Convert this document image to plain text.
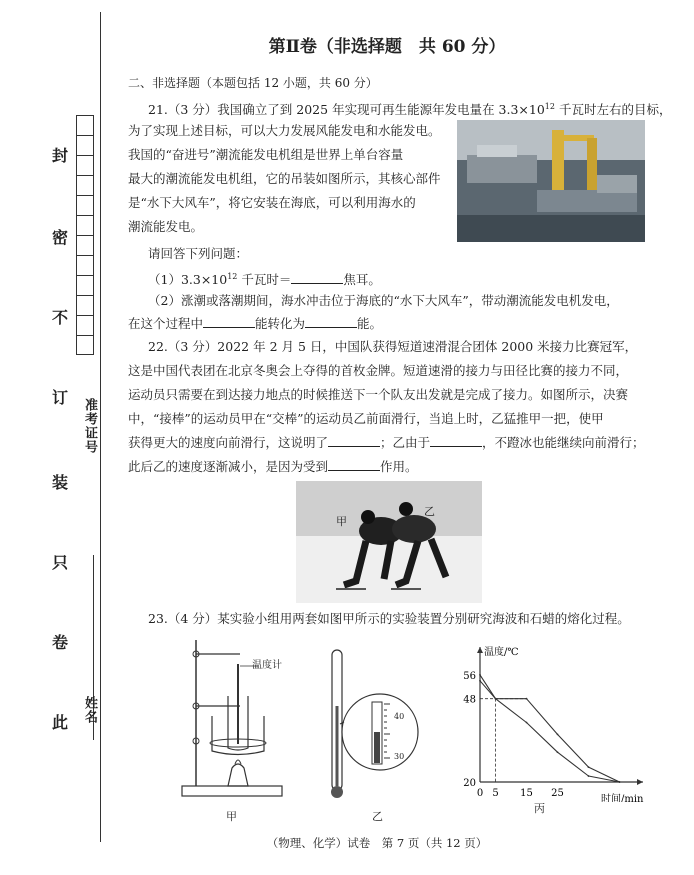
封
密
不
订
装
只
卷
此
准考证号
姓名
第Ⅱ卷（非选择题　共 60 分）
二、非选择题（本题包括 12 小题，共 60 分）
21.（3 分）我国确立了到 2025 年实现可再生能源年发电量在 $3.3\times 10^{12}$ 千瓦时左右的目标，
为了实现上述目标，可以大力发展风能发电和水能发电。
我国的“奋进号”潮流能发电机组是世界上单台容量
最大的潮流能发电机组，它的吊装如图所示，其核心部件
是“水下大风车”，将它安装在海底，可以利用海水的
潮流能发电。
请回答下列问题：
$(1)3.3\times 10^{12}$ 千瓦时＝	焦耳。
（2）涨潮或落潮期间，海水冲击位于海底的“水下大风车”，带动潮流能发电机发电，
在这个过程中	能转化为	能。
22.（3 分）2022 年 2 月 5 日，中国队获得短道速滑混合团体 2000 米接力比赛冠军，
这是中国代表团在北京冬奥会上夺得的首枚金牌。短道速滑的接力与田径比赛的接力不同，
运动员只需要在到达接力地点的时候推送下一个队友出发就是完成了接力。如图所示，决赛
中，“接棒”的运动员甲在“交棒”的运动员乙前面滑行，当追上时，乙猛推甲一把，使甲
获得更大的速度向前滑行，这说明了	；乙由于	，不蹬冰也能继续向前滑行；
此后乙的速度逐渐减小，是因为受到	作用。
甲
乙
23.（4 分）某实验小组用两套如图甲所示的实验装置分别研究海波和石蜡的熔化过程。
温度计
甲
40
30
乙
温度/℃
时间/min
56
48
20
0 5 15 25
丙
（物理、化学）试卷　第 7 页（共 12 页）
